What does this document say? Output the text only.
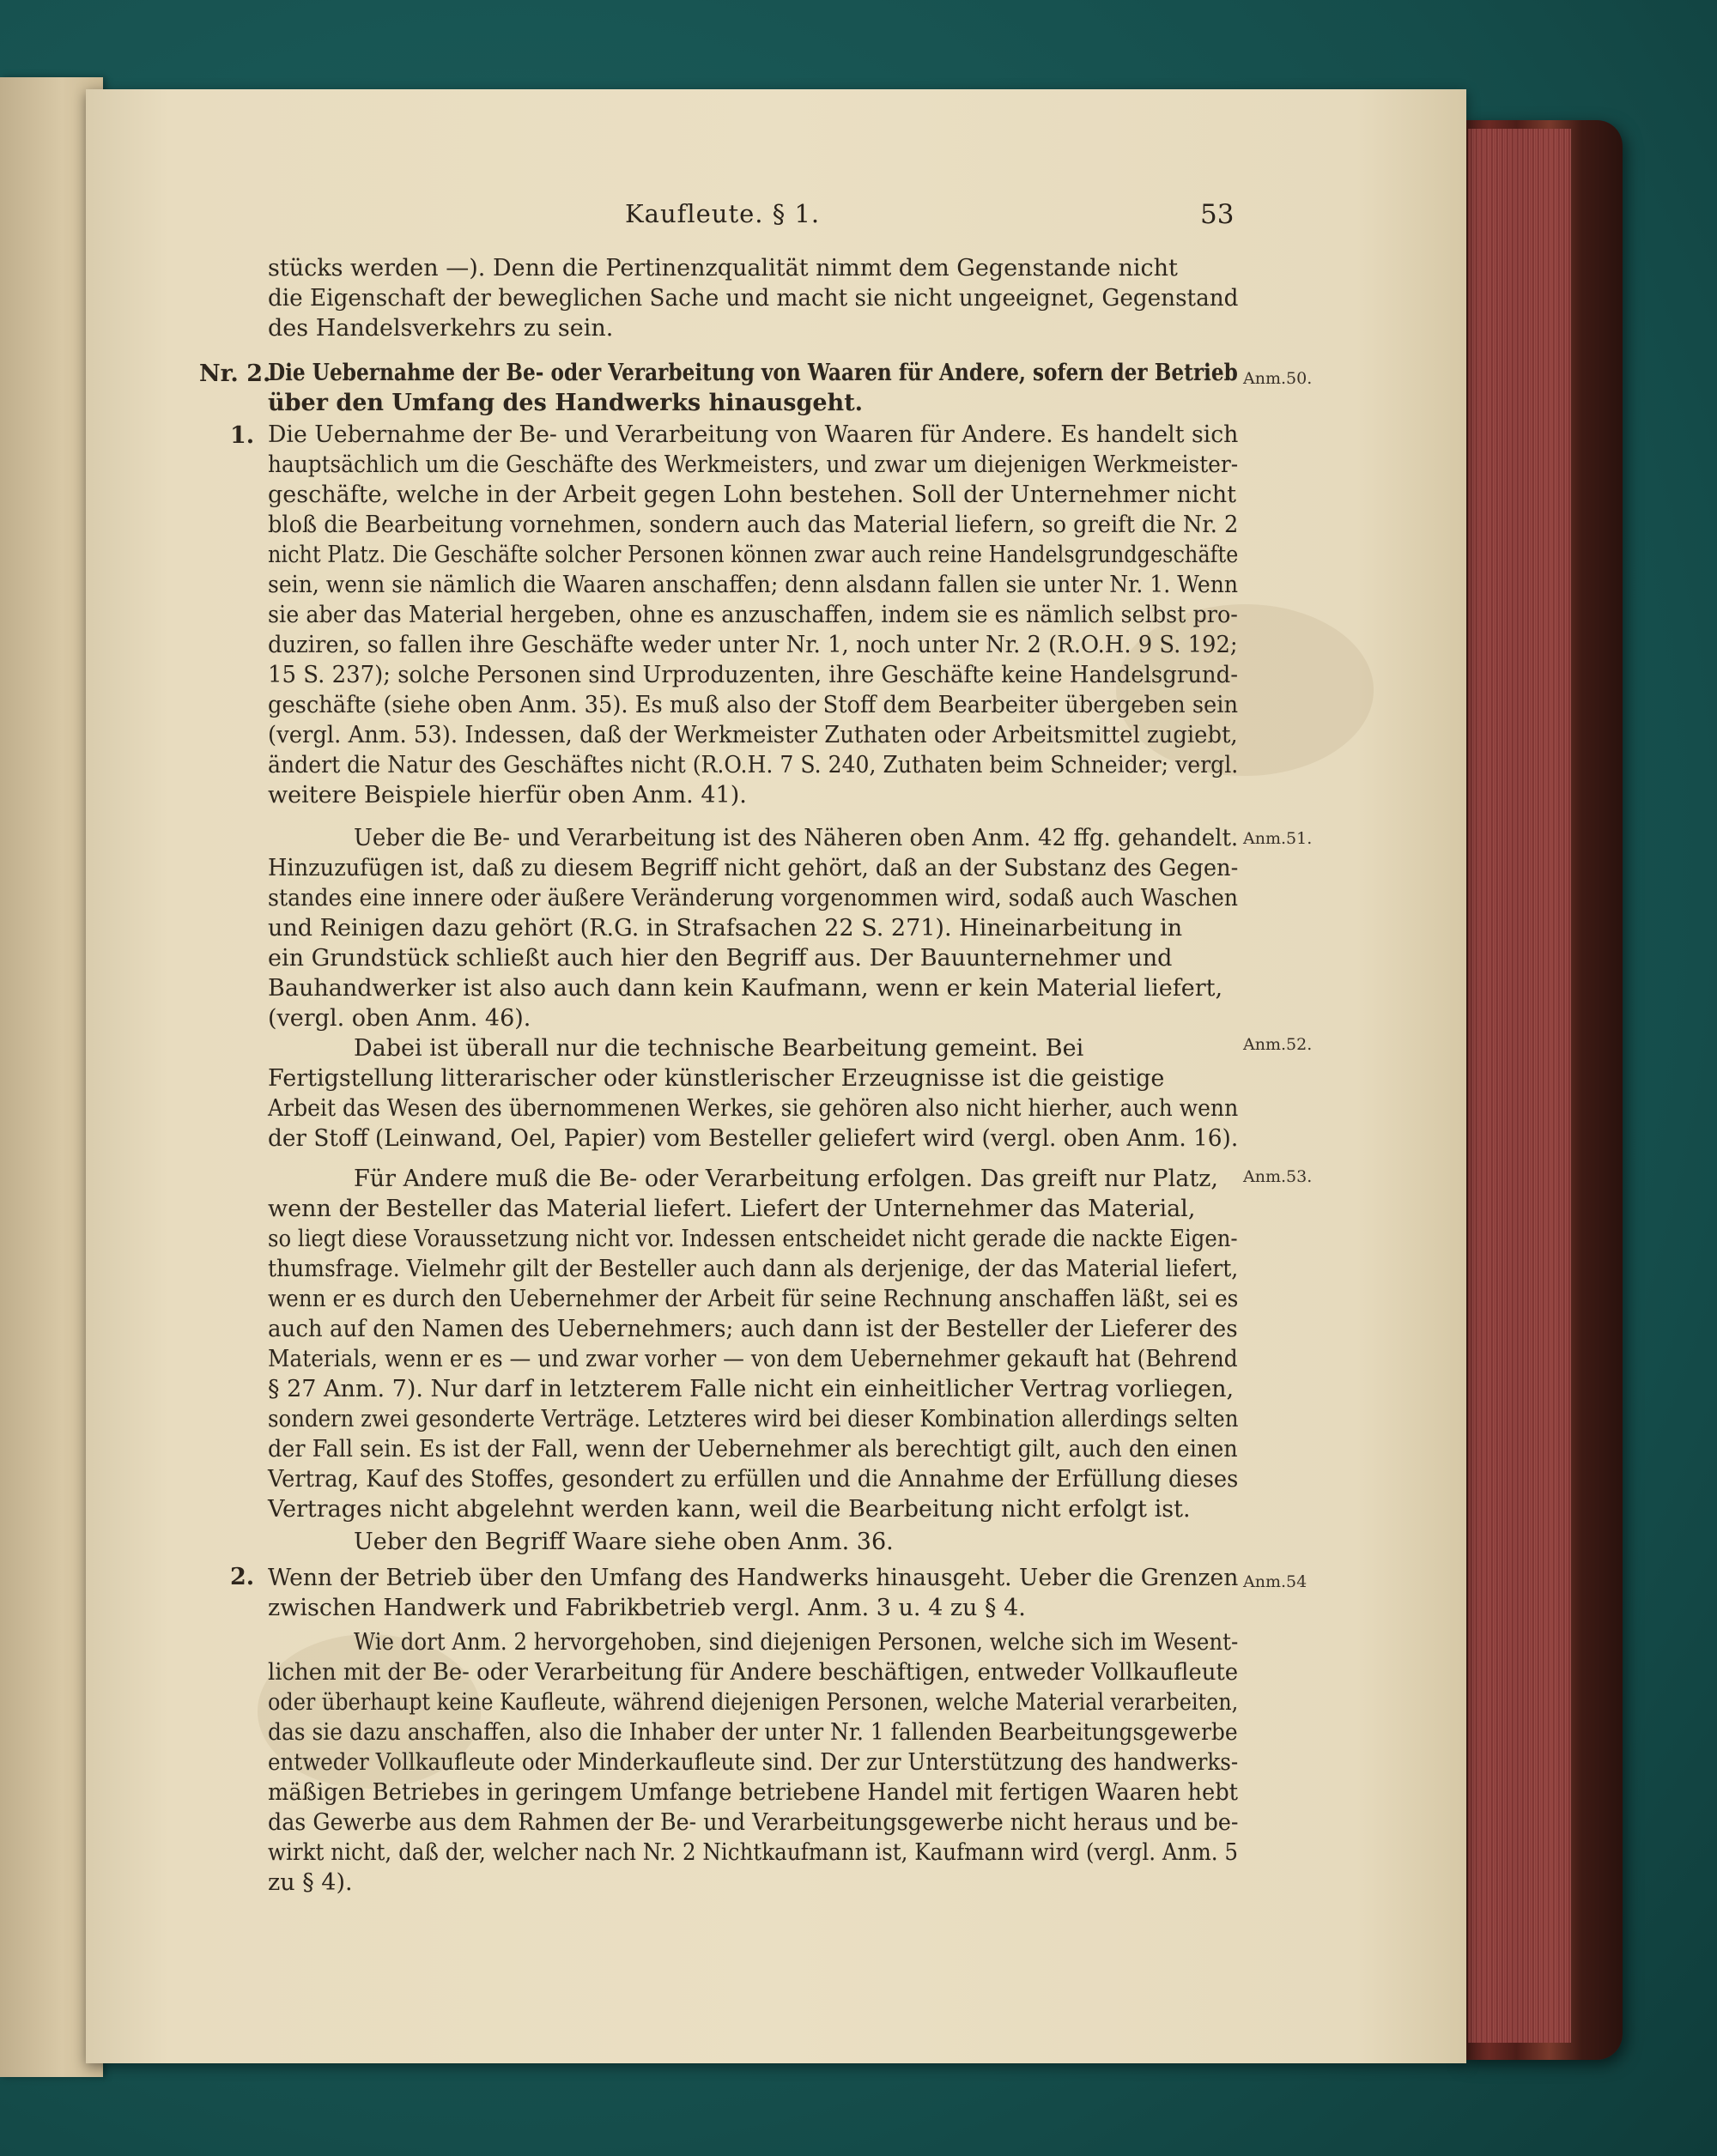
Kaufleute. § 1.	53
Nr. 2.
1.
2.
Anm.50.
Anm.51.
Anm.52.
Anm.53.
Anm.54
stücks werden —). Denn die Pertinenzqualität nimmt dem Gegenstande nicht
die Eigenschaft der beweglichen Sache und macht sie nicht ungeeignet, Gegenstand
des Handelsverkehrs zu sein.
Die Uebernahme der Be- oder Verarbeitung von Waaren für Andere, sofern der Betrieb
über den Umfang des Handwerks hinausgeht.
Die Uebernahme der Be- und Verarbeitung von Waaren für Andere. Es handelt sich
hauptsächlich um die Geschäfte des Werkmeisters, und zwar um diejenigen Werkmeister-
geschäfte, welche in der Arbeit gegen Lohn bestehen. Soll der Unternehmer nicht
bloß die Bearbeitung vornehmen, sondern auch das Material liefern, so greift die Nr. 2
nicht Platz. Die Geschäfte solcher Personen können zwar auch reine Handelsgrundgeschäfte
sein, wenn sie nämlich die Waaren anschaffen; denn alsdann fallen sie unter Nr. 1. Wenn
sie aber das Material hergeben, ohne es anzuschaffen, indem sie es nämlich selbst pro-
duziren, so fallen ihre Geschäfte weder unter Nr. 1, noch unter Nr. 2 (R.O.H. 9 S. 192;
15 S. 237); solche Personen sind Urproduzenten, ihre Geschäfte keine Handelsgrund-
geschäfte (siehe oben Anm. 35). Es muß also der Stoff dem Bearbeiter übergeben sein
(vergl. Anm. 53). Indessen, daß der Werkmeister Zuthaten oder Arbeitsmittel zugiebt,
ändert die Natur des Geschäftes nicht (R.O.H. 7 S. 240, Zuthaten beim Schneider; vergl.
weitere Beispiele hierfür oben Anm. 41).
Ueber die Be- und Verarbeitung ist des Näheren oben Anm. 42 ffg. gehandelt.
Hinzuzufügen ist, daß zu diesem Begriff nicht gehört, daß an der Substanz des Gegen-
standes eine innere oder äußere Veränderung vorgenommen wird, sodaß auch Waschen
und Reinigen dazu gehört (R.G. in Strafsachen 22 S. 271). Hineinarbeitung in
ein Grundstück schließt auch hier den Begriff aus. Der Bauunternehmer und
Bauhandwerker ist also auch dann kein Kaufmann, wenn er kein Material liefert,
(vergl. oben Anm. 46).
Dabei ist überall nur die technische Bearbeitung gemeint. Bei
Fertigstellung litterarischer oder künstlerischer Erzeugnisse ist die geistige
Arbeit das Wesen des übernommenen Werkes, sie gehören also nicht hierher, auch wenn
der Stoff (Leinwand, Oel, Papier) vom Besteller geliefert wird (vergl. oben Anm. 16).
Für Andere muß die Be- oder Verarbeitung erfolgen. Das greift nur Platz,
wenn der Besteller das Material liefert. Liefert der Unternehmer das Material,
so liegt diese Voraussetzung nicht vor. Indessen entscheidet nicht gerade die nackte Eigen-
thumsfrage. Vielmehr gilt der Besteller auch dann als derjenige, der das Material liefert,
wenn er es durch den Uebernehmer der Arbeit für seine Rechnung anschaffen läßt, sei es
auch auf den Namen des Uebernehmers; auch dann ist der Besteller der Lieferer des
Materials, wenn er es — und zwar vorher — von dem Uebernehmer gekauft hat (Behrend
§ 27 Anm. 7). Nur darf in letzterem Falle nicht ein einheitlicher Vertrag vorliegen,
sondern zwei gesonderte Verträge. Letzteres wird bei dieser Kombination allerdings selten
der Fall sein. Es ist der Fall, wenn der Uebernehmer als berechtigt gilt, auch den einen
Vertrag, Kauf des Stoffes, gesondert zu erfüllen und die Annahme der Erfüllung dieses
Vertrages nicht abgelehnt werden kann, weil die Bearbeitung nicht erfolgt ist.
Ueber den Begriff Waare siehe oben Anm. 36.
Wenn der Betrieb über den Umfang des Handwerks hinausgeht. Ueber die Grenzen
zwischen Handwerk und Fabrikbetrieb vergl. Anm. 3 u. 4 zu § 4.
Wie dort Anm. 2 hervorgehoben, sind diejenigen Personen, welche sich im Wesent-
lichen mit der Be- oder Verarbeitung für Andere beschäftigen, entweder Vollkaufleute
oder überhaupt keine Kaufleute, während diejenigen Personen, welche Material verarbeiten,
das sie dazu anschaffen, also die Inhaber der unter Nr. 1 fallenden Bearbeitungsgewerbe
entweder Vollkaufleute oder Minderkaufleute sind. Der zur Unterstützung des handwerks-
mäßigen Betriebes in geringem Umfange betriebene Handel mit fertigen Waaren hebt
das Gewerbe aus dem Rahmen der Be- und Verarbeitungsgewerbe nicht heraus und be-
wirkt nicht, daß der, welcher nach Nr. 2 Nichtkaufmann ist, Kaufmann wird (vergl. Anm. 5
zu § 4).
